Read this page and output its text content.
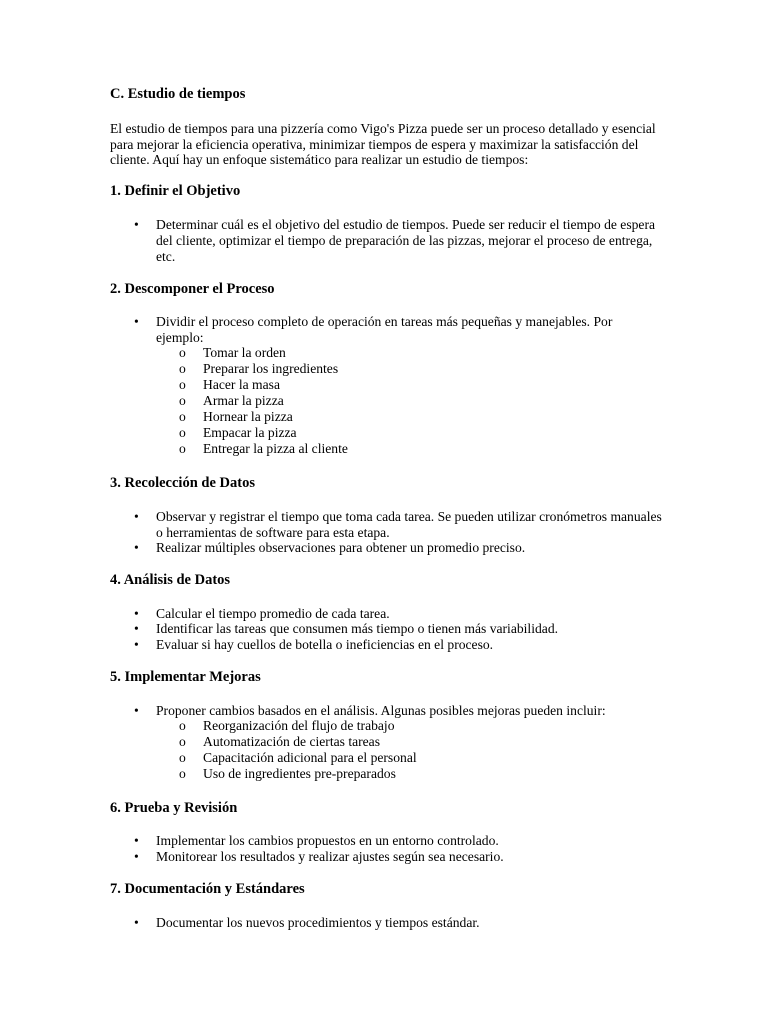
C. Estudio de tiempos

El estudio de tiempos para una pizzería como Vigo's Pizza puede ser un proceso detallado y esencial para mejorar la eficiencia operativa, minimizar tiempos de espera y maximizar la satisfacción del cliente. Aquí hay un enfoque sistemático para realizar un estudio de tiempos:

1. Definir el Objetivo

• Determinar cuál es el objetivo del estudio de tiempos. Puede ser reducir el tiempo de espera del cliente, optimizar el tiempo de preparación de las pizzas, mejorar el proceso de entrega, etc.

2. Descomponer el Proceso

• Dividir el proceso completo de operación en tareas más pequeñas y manejables. Por ejemplo:

o Tomar la orden

o Preparar los ingredientes

o Hacer la masa

o Armar la pizza

o Hornear la pizza

o Empacar la pizza

o Entregar la pizza al cliente

3. Recolección de Datos

• Observar y registrar el tiempo que toma cada tarea. Se pueden utilizar cronómetros manuales o herramientas de software para esta etapa.

• Realizar múltiples observaciones para obtener un promedio preciso.

4. Análisis de Datos

• Calcular el tiempo promedio de cada tarea.

• Identificar las tareas que consumen más tiempo o tienen más variabilidad.

• Evaluar si hay cuellos de botella o ineficiencias en el proceso.

5. Implementar Mejoras

• Proponer cambios basados en el análisis. Algunas posibles mejoras pueden incluir:

o Reorganización del flujo de trabajo

o Automatización de ciertas tareas

o Capacitación adicional para el personal

o Uso de ingredientes pre-preparados

6. Prueba y Revisión

• Implementar los cambios propuestos en un entorno controlado.

• Monitorear los resultados y realizar ajustes según sea necesario.

7. Documentación y Estándares

• Documentar los nuevos procedimientos y tiempos estándar.
